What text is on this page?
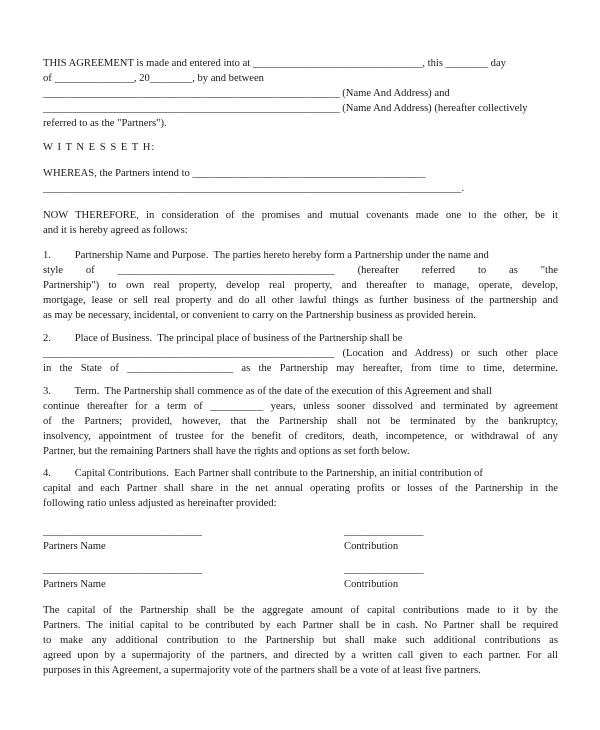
THIS AGREEMENT is made and entered into at ________________________________, this ________ day

of _______________, 20________, by and between

________________________________________________________ (Name And Address) and

________________________________________________________ (Name And Address) (hereafter collectively

referred to as the "Partners").

W I T N E S S E T H:

WHEREAS, the Partners intend to ____________________________________________

_______________________________________________________________________________.

NOW THEREFORE, in consideration of the promises and mutual covenants made one to the other, be it

and it is hereby agreed as follows:

1.         Partnership Name and Purpose.  The parties hereto hereby form a Partnership under the name and

style of _________________________________________ (hereafter referred to as "the

Partnership") to own real property, develop real property, and thereafter to manage, operate, develop,

mortgage, lease or sell real property and do all other lawful things as further business of the partnership and

as may be necessary, incidental, or convenient to carry on the Partnership business as provided herein.

2.         Place of Business.  The principal place of business of the Partnership shall be

_______________________________________________________ (Location and Address) or such other place

in the State of ____________________ as the Partnership may hereafter, from time to time, determine.

3.         Term.  The Partnership shall commence as of the date of the execution of this Agreement and shall

continue thereafter for a term of __________ years, unless sooner dissolved and terminated by agreement

of the Partners; provided, however, that the Partnership shall not be terminated by the bankruptcy,

insolvency, appointment of trustee for the benefit of creditors, death, incompetence, or withdrawal of any

Partner, but the remaining Partners shall have the rights and options as set forth below.

4.         Capital Contributions.  Each Partner shall contribute to the Partnership, an initial contribution of

capital and each Partner shall share in the net annual operating profits or losses of the Partnership in the

following ratio unless adjusted as hereinafter provided:

______________________________

Partners Name

_______________

Contribution

______________________________

Partners Name

_______________

Contribution

The capital of the Partnership shall be the aggregate amount of capital contributions made to it by the

Partners. The initial capital to be contributed by each Partner shall be in cash. No Partner shall be required

to make any additional contribution to the Partnership but shall make such additional contributions as

agreed upon by a supermajority of the partners, and directed by a written call given to each partner. For all

purposes in this Agreement, a supermajority vote of the partners shall be a vote of at least five partners.
